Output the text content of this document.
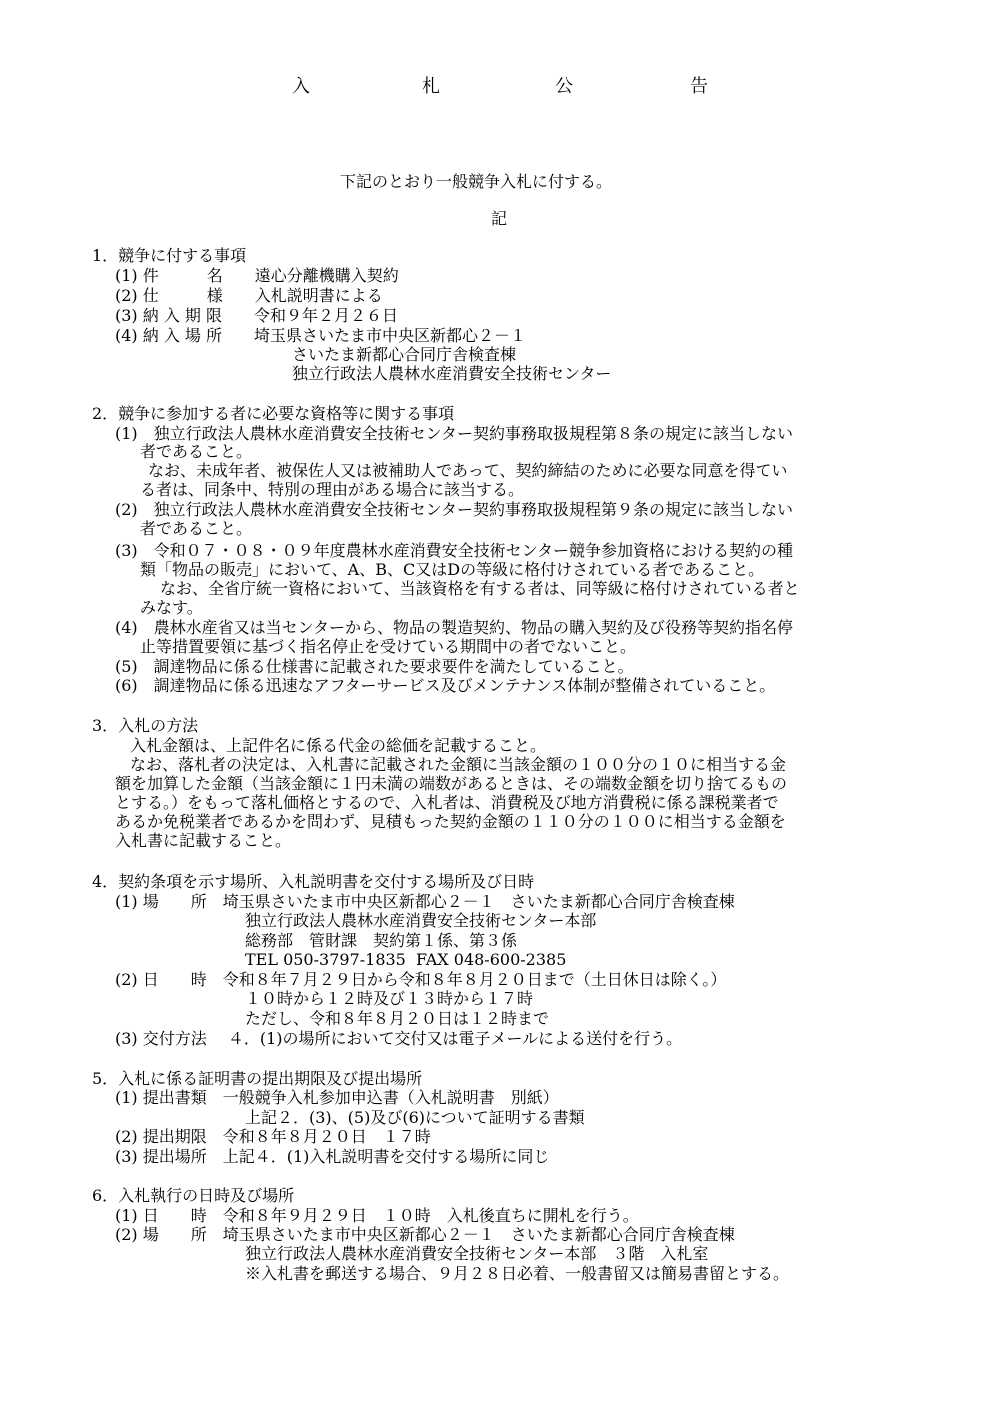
入	札	公	告
下記のとおり一般競争入札に付する。
記
1．競争に付する事項
(1) 件　　　名　　遠心分離機購入契約
(2) 仕　　　様　　入札説明書による
(3) 納 入 期 限　　令和９年２月２６日
(4) 納 入 場 所　　埼玉県さいたま市中央区新都心２－１
さいたま新都心合同庁舎検査棟
独立行政法人農林水産消費安全技術センター
2．競争に参加する者に必要な資格等に関する事項
(1)　独立行政法人農林水産消費安全技術センター契約事務取扱規程第８条の規定に該当しない
者であること。
なお、未成年者、被保佐人又は被補助人であって、契約締結のために必要な同意を得てい
る者は、同条中、特別の理由がある場合に該当する。
(2)　独立行政法人農林水産消費安全技術センター契約事務取扱規程第９条の規定に該当しない
者であること。
(3)　令和０７・０８・０９年度農林水産消費安全技術センター競争参加資格における契約の種
類「物品の販売」において、A、B、C又はDの等級に格付けされている者であること。
なお、全省庁統一資格において、当該資格を有する者は、同等級に格付けされている者と
みなす。
(4)　農林水産省又は当センターから、物品の製造契約、物品の購入契約及び役務等契約指名停
止等措置要領に基づく指名停止を受けている期間中の者でないこと。
(5)　調達物品に係る仕様書に記載された要求要件を満たしていること。
(6)　調達物品に係る迅速なアフターサービス及びメンテナンス体制が整備されていること。
3．入札の方法
入札金額は、上記件名に係る代金の総価を記載すること。
なお、落札者の決定は、入札書に記載された金額に当該金額の１００分の１０に相当する金
額を加算した金額（当該金額に１円未満の端数があるときは、その端数金額を切り捨てるもの
とする。）をもって落札価格とするので、入札者は、消費税及び地方消費税に係る課税業者で
あるか免税業者であるかを問わず、見積もった契約金額の１１０分の１００に相当する金額を
入札書に記載すること。
4．契約条項を示す場所、入札説明書を交付する場所及び日時
(1) 場　　所　埼玉県さいたま市中央区新都心２－１　さいたま新都心合同庁舎検査棟
独立行政法人農林水産消費安全技術センター本部
総務部　管財課　契約第１係、第３係
TEL 050-3797-1835  FAX 048-600-2385
(2) 日　　時　令和８年７月２９日から令和８年８月２０日まで（土日休日は除く。）
１０時から１２時及び１３時から１７時
ただし、令和８年８月２０日は１２時まで
(3) 交付方法　 ４．(1)の場所において交付又は電子メールによる送付を行う。
5．入札に係る証明書の提出期限及び提出場所
(1) 提出書類　一般競争入札参加申込書（入札説明書　別紙）
上記２．(3)、(5)及び(6)について証明する書類
(2) 提出期限　令和８年８月２０日　１７時
(3) 提出場所　上記４．(1)入札説明書を交付する場所に同じ
6．入札執行の日時及び場所
(1) 日　　時　令和８年９月２９日　１０時　入札後直ちに開札を行う。
(2) 場　　所　埼玉県さいたま市中央区新都心２－１　さいたま新都心合同庁舎検査棟
独立行政法人農林水産消費安全技術センター本部　３階　入札室
※入札書を郵送する場合、９月２８日必着、一般書留又は簡易書留とする。
